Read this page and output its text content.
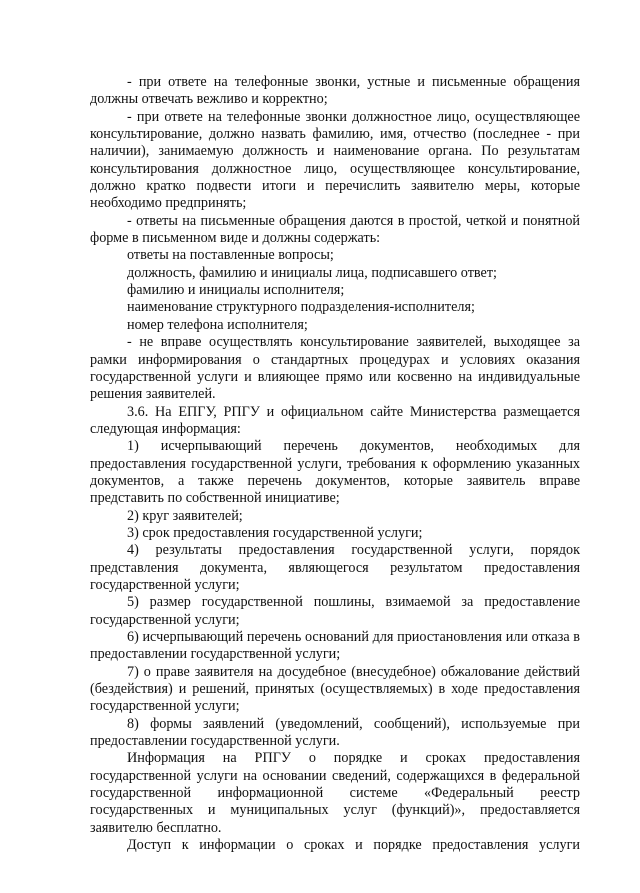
- при ответе на телефонные звонки, устные и письменные обращения должны отвечать вежливо и корректно;

- при ответе на телефонные звонки должностное лицо, осуществляющее консультирование, должно назвать фамилию, имя, отчество (последнее - при наличии), занимаемую должность и наименование органа. По результатам консультирования должностное лицо, осуществляющее консультирование, должно кратко подвести итоги и перечислить заявителю меры, которые необходимо предпринять;

- ответы на письменные обращения даются в простой, четкой и понятной форме в письменном виде и должны содержать:

ответы на поставленные вопросы;

должность, фамилию и инициалы лица, подписавшего ответ;

фамилию и инициалы исполнителя;

наименование структурного подразделения-исполнителя;

номер телефона исполнителя;

- не вправе осуществлять консультирование заявителей, выходящее за рамки информирования о стандартных процедурах и условиях оказания государственной услуги и влияющее прямо или косвенно на индивидуальные решения заявителей.

3.6. На ЕПГУ, РПГУ и официальном сайте Министерства размещается следующая информация:

1) исчерпывающий перечень документов, необходимых для предоставления государственной услуги, требования к оформлению указанных документов, а также перечень документов, которые заявитель вправе представить по собственной инициативе;

2) круг заявителей;

3) срок предоставления государственной услуги;

4) результаты предоставления государственной услуги, порядок представления документа, являющегося результатом предоставления государственной услуги;

5) размер государственной пошлины, взимаемой за предоставление государственной услуги;

6) исчерпывающий перечень оснований для приостановления или отказа в предоставлении государственной услуги;

7) о праве заявителя на досудебное (внесудебное) обжалование действий (бездействия) и решений, принятых (осуществляемых) в ходе предоставления государственной услуги;

8) формы заявлений (уведомлений, сообщений), используемые при предоставлении государственной услуги.

Информация на РПГУ о порядке и сроках предоставления государственной услуги на основании сведений, содержащихся в федеральной государственной информационной системе «Федеральный реестр государственных и муниципальных услуг (функций)», предоставляется заявителю бесплатно.

Доступ к информации о сроках и порядке предоставления услуги
